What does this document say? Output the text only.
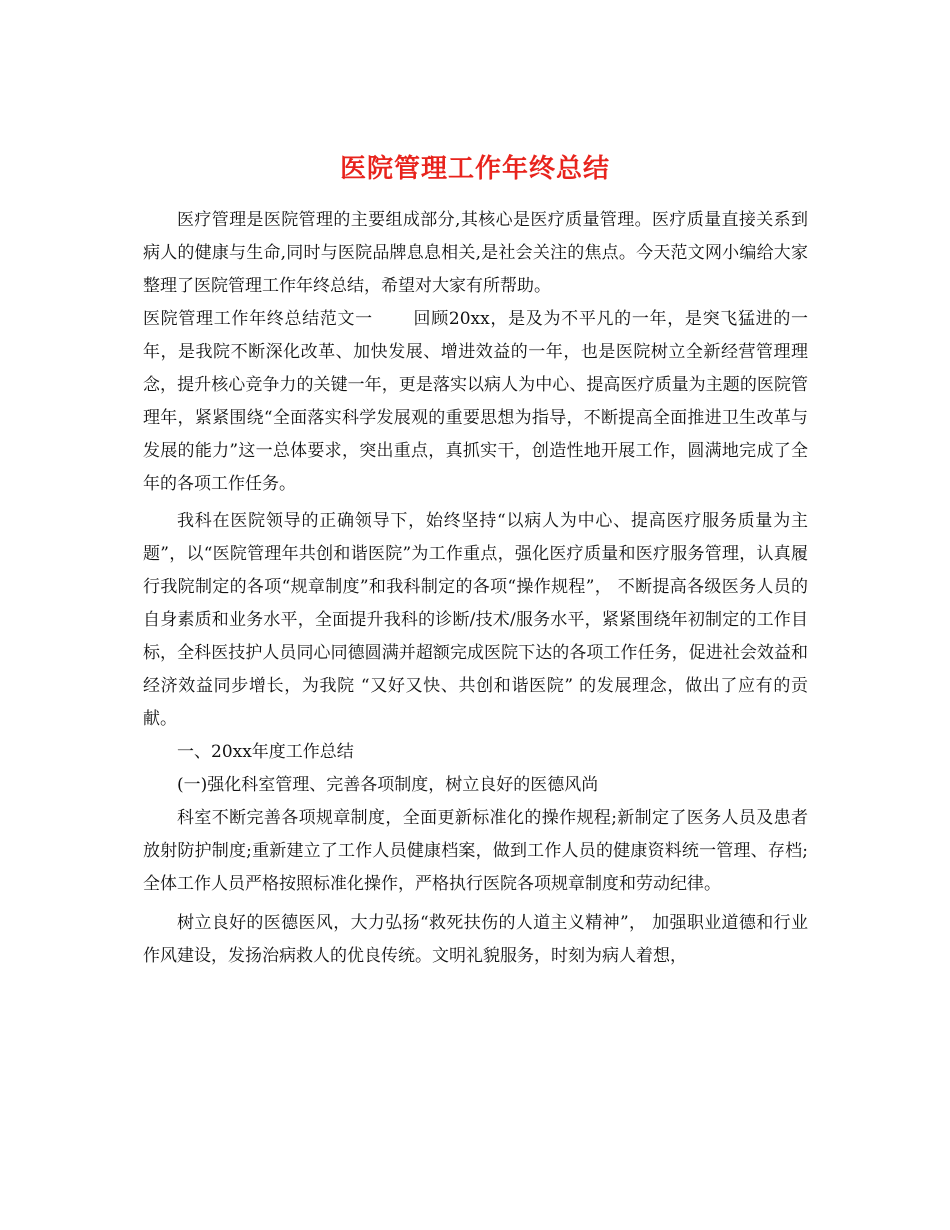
医院管理工作年终总结

医疗管理是医院管理的主要组成部分,其核心是医疗质量管理。医疗质量直接关系到病人的健康与生命,同时与医院品牌息息相关,是社会关注的焦点。今天范文网小编给大家整理了医院管理工作年终总结，希望对大家有所帮助。

医院管理工作年终总结范文一 回顾20xx，是及为不平凡的一年，是突飞猛进的一年，是我院不断深化改革、加快发展、增进效益的一年，也是医院树立全新经营管理理念，提升核心竞争力的关键一年，更是落实以病人为中心、提高医疗质量为主题的医院管理年，紧紧围绕“全面落实科学发展观的重要思想为指导，不断提高全面推进卫生改革与发展的能力”这一总体要求，突出重点，真抓实干，创造性地开展工作，圆满地完成了全年的各项工作任务。

我科在医院领导的正确领导下，始终坚持“以病人为中心、提高医疗服务质量为主题”，以“医院管理年共创和谐医院”为工作重点，强化医疗质量和医疗服务管理，认真履行我院制定的各项“规章制度”和我科制定的各项“操作规程”， 不断提高各级医务人员的自身素质和业务水平，全面提升我科的诊断/技术/服务水平，紧紧围绕年初制定的工作目标，全科医技护人员同心同德圆满并超额完成医院下达的各项工作任务，促进社会效益和经济效益同步增长，为我院 “又好又快、共创和谐医院” 的发展理念，做出了应有的贡献。

一、20xx年度工作总结

(一)强化科室管理、完善各项制度，树立良好的医德风尚

科室不断完善各项规章制度，全面更新标准化的操作规程;新制定了医务人员及患者放射防护制度;重新建立了工作人员健康档案，做到工作人员的健康资料统一管理、存档;全体工作人员严格按照标准化操作，严格执行医院各项规章制度和劳动纪律。

树立良好的医德医风，大力弘扬“救死扶伤的人道主义精神”， 加强职业道德和行业作风建设，发扬治病救人的优良传统。文明礼貌服务，时刻为病人着想，
